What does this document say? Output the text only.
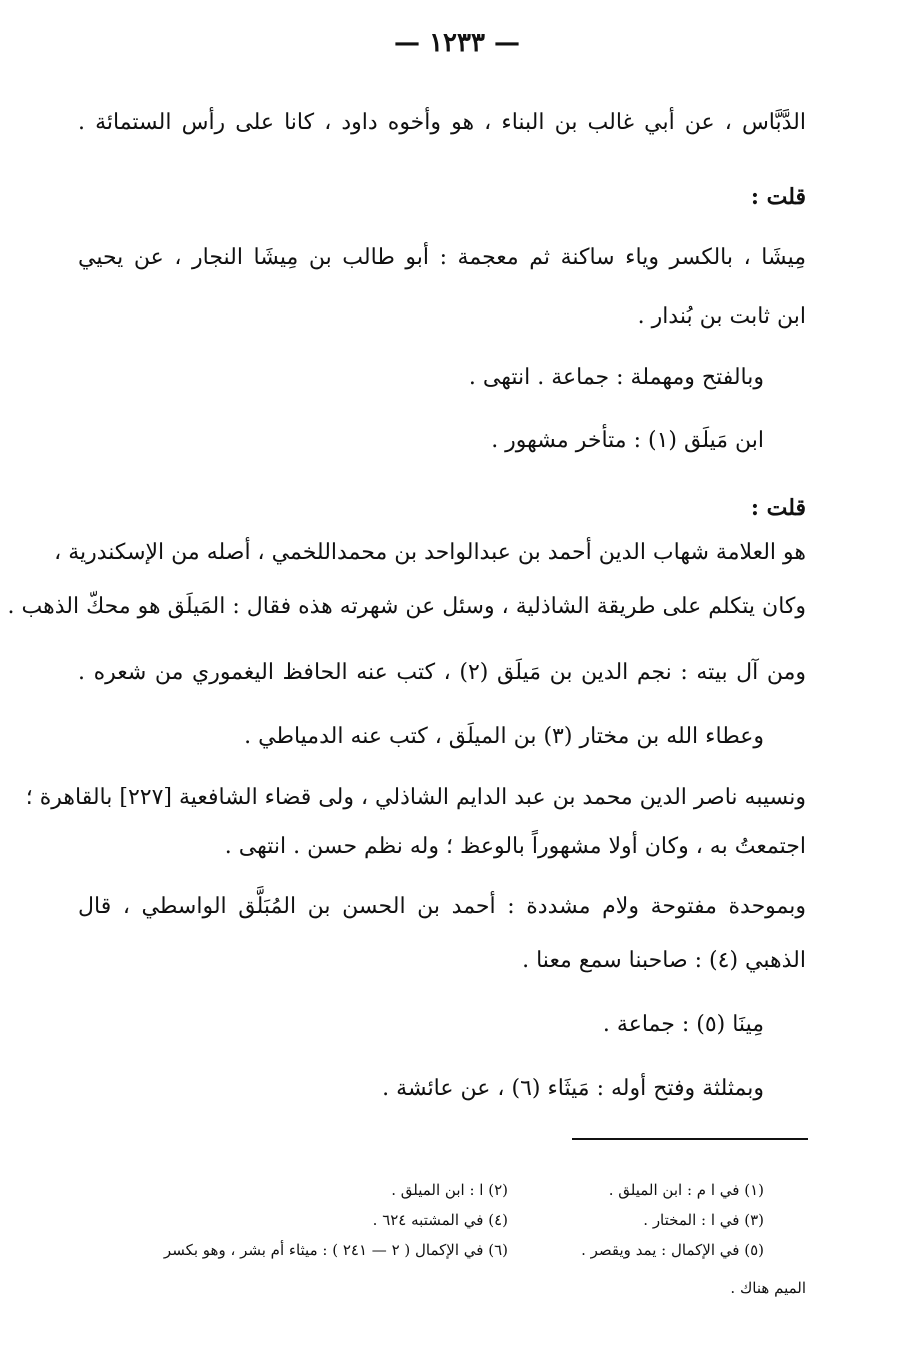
— ١٢٣٣ —
الدَّبَّاس ، عن أبي غالب بن البناء ، هو وأخوه داود ، كانا على رأس الستمائة .
قلت :
مِيشَا ، بالكسر وياء ساكنة ثم معجمة : أبو طالب بن مِيشَا النجار ، عن يحيي
ابن ثابت بن بُندار .
وبالفتح ومهملة : جماعة . انتهى .
ابن مَيلَق (١) : متأخر مشهور .
قلت :
هو العلامة شهاب الدين أحمد بن عبدالواحد بن محمداللخمي ، أصله من الإسكندرية ،
وكان يتكلم على طريقة الشاذلية ، وسئل عن شهرته هذه فقال : المَيلَق هو محكّ الذهب .
ومن آل بيته : نجم الدين بن مَيلَق (٢) ، كتب عنه الحافظ اليغموري من شعره .
وعطاء الله بن مختار (٣) بن الميلَق ، كتب عنه الدمياطي .
ونسيبه ناصر الدين محمد بن عبد الدايم الشاذلي ، ولى قضاء الشافعية [٢٢٧] بالقاهرة ؛
اجتمعتُ به ، وكان أولا مشهوراً بالوعظ ؛ وله نظم حسن . انتهى .
وبموحدة مفتوحة ولام مشددة : أحمد بن الحسن بن المُبَلَّق الواسطي ، قال
الذهبي (٤) : صاحبنا سمع معنا .
مِينَا (٥) : جماعة .
وبمثلثة وفتح أوله : مَيثَاء (٦) ، عن عائشة .
(١) في ا م : ابن الميلق .
(٢) ا : ابن الميلق .
(٣) في ا : المختار .
(٤) في المشتبه ٦٢٤ .
(٥) في الإكمال : يمد ويقصر .
(٦) في الإكمال ( ٢ — ٢٤١ ) : ميثاء أم بشر ، وهو بكسر
الميم هناك .
